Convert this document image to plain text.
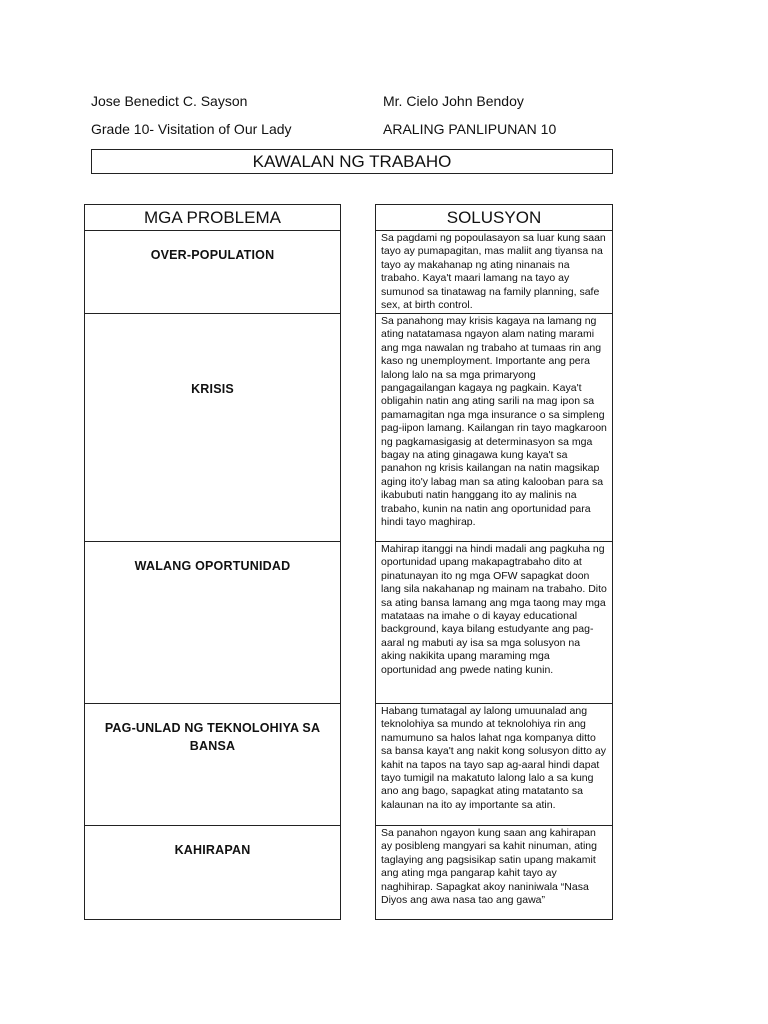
Jose Benedict C. Sayson	Mr. Cielo John Bendoy
Grade 10- Visitation of Our Lady	ARALING PANLIPUNAN 10
KAWALAN NG TRABAHO
MGA PROBLEMA
OVER-POPULATION
KRISIS
WALANG OPORTUNIDAD
PAG-UNLAD NG TEKNOLOHIYA SA BANSA
KAHIRAPAN
SOLUSYON
Sa pagdami ng popoulasayon sa luar kung saan tayo ay pumapagitan, mas maliit ang tiyansa na tayo ay makahanap ng ating ninanais na trabaho. Kaya't maari lamang na tayo ay sumunod sa tinatawag na family planning, safe sex, at birth control.
Sa panahong may krisis kagaya na lamang ng ating natatamasa ngayon alam nating marami ang mga nawalan ng trabaho at tumaas rin ang kaso ng unemployment. Importante ang pera lalong lalo na sa mga primaryong pangagailangan kagaya ng pagkain. Kaya't obligahin natin ang ating sarili na mag ipon sa pamamagitan nga mga insurance o sa simpleng pag-iipon lamang. Kailangan rin tayo magkaroon ng pagkamasigasig at determinasyon sa mga bagay na ating ginagawa kung kaya't sa panahon ng krisis kailangan na natin magsikap aging ito'y labag man sa ating kalooban para sa ikabubuti natin hanggang ito ay malinis na trabaho, kunin na natin ang oportunidad para hindi tayo maghirap.
Mahirap itanggi na hindi madali ang pagkuha ng oportunidad upang makapagtrabaho dito at pinatunayan ito ng mga OFW sapagkat doon lang sila nakahanap ng mainam na trabaho. Dito sa ating bansa lamang ang mga taong may mga matataas na imahe o di kayay educational background, kaya bilang estudyante ang pag-aaral ng mabuti ay isa sa mga solusyon na aking nakikita upang maraming mga oportunidad ang pwede nating kunin.
Habang tumatagal ay lalong umuunalad ang teknolohiya sa mundo at teknolohiya rin ang namumuno sa halos lahat nga kompanya ditto sa bansa kaya't ang nakit kong solusyon ditto ay kahit na tapos na tayo sap ag-aaral hindi dapat tayo tumigil na makatuto lalong lalo a sa kung ano ang bago, sapagkat ating matatanto sa kalaunan na ito ay importante sa atin.
Sa panahon ngayon kung saan ang kahirapan ay posibleng mangyari sa kahit ninuman, ating taglaying ang pagsisikap satin upang makamit ang ating mga pangarap kahit tayo ay naghihirap. Sapagkat akoy naniniwala “Nasa Diyos ang awa nasa tao ang gawa”
